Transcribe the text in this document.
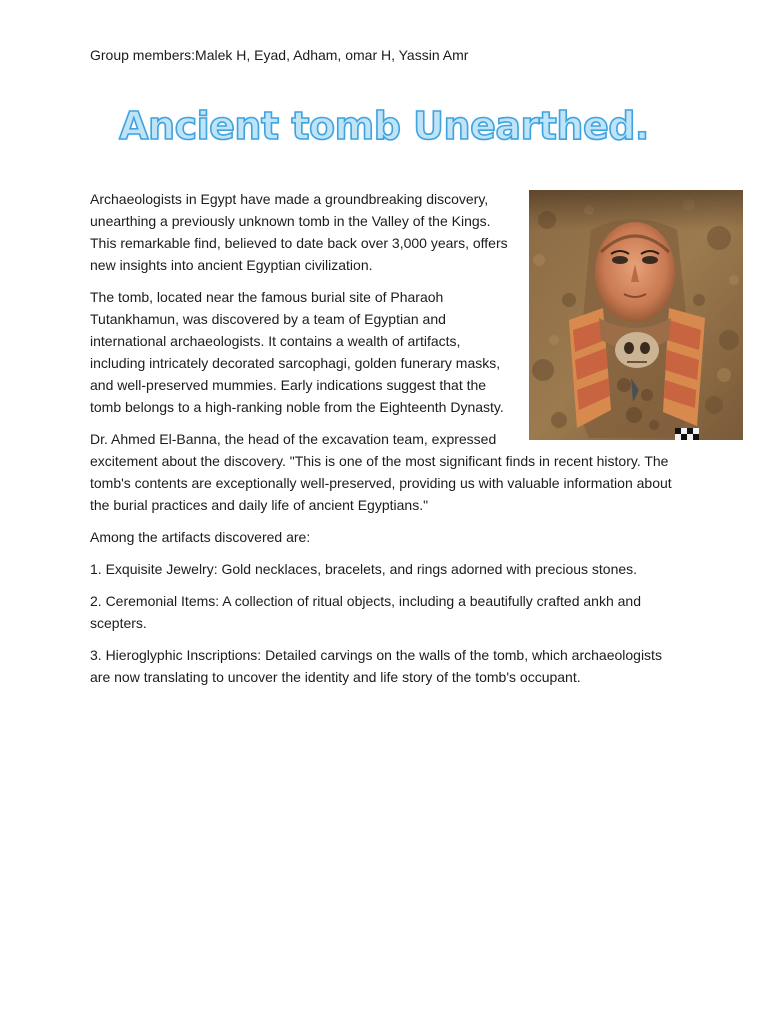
Group members:Malek H, Eyad, Adham, omar H, Yassin Amr
Ancient tomb Unearthed.

Archaeologists in Egypt have made a groundbreaking discovery, unearthing a previously unknown tomb in the Valley of the Kings. This remarkable find, believed to date back over 3,000 years, offers new insights into ancient Egyptian civilization.

The tomb, located near the famous burial site of Pharaoh Tutankhamun, was discovered by a team of Egyptian and international archaeologists. It contains a wealth of artifacts, including intricately decorated sarcophagi, golden funerary masks, and well-preserved mummies. Early indications suggest that the tomb belongs to a high-ranking noble from the Eighteenth Dynasty.

Dr. Ahmed El-Banna, the head of the excavation team, expressed excitement about the discovery. "This is one of the most significant finds in recent history. The tomb's contents are exceptionally well-preserved, providing us with valuable information about the burial practices and daily life of ancient Egyptians."

Among the artifacts discovered are:

1. Exquisite Jewelry: Gold necklaces, bracelets, and rings adorned with precious stones.

2. Ceremonial Items: A collection of ritual objects, including a beautifully crafted ankh and scepters.

3. Hieroglyphic Inscriptions: Detailed carvings on the walls of the tomb, which archaeologists are now translating to uncover the identity and life story of the tomb's occupant.
